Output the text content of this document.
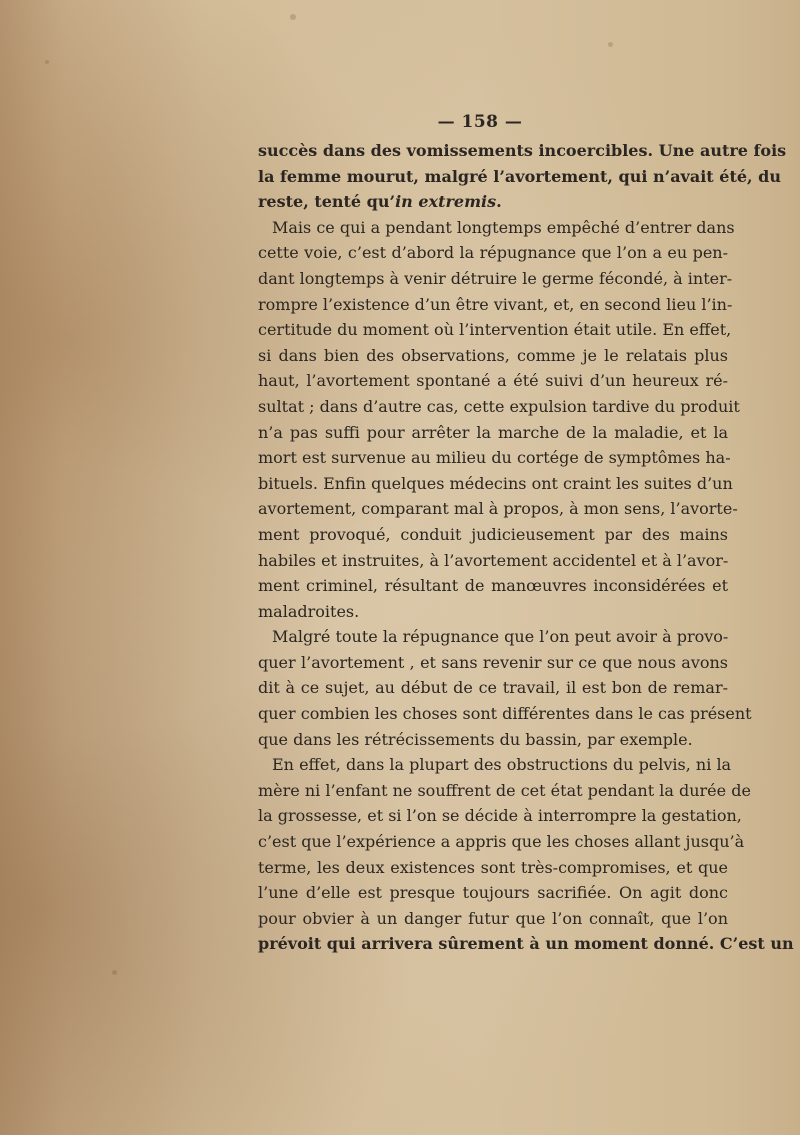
— 158 —
succès dans des vomissements incoercibles. Une autre fois
la femme mourut, malgré l’avortement, qui n’avait été, du
reste, tenté qu’in extremis.
Mais ce qui a pendant longtemps empêché d’entrer dans
cette voie, c’est d’abord la répugnance que l’on a eu pen-
dant longtemps à venir détruire le germe fécondé, à inter-
rompre l’existence d’un être vivant, et, en second lieu l’in-
certitude du moment où l’intervention était utile. En effet,
si dans bien des observations, comme je le relatais plus
haut, l’avortement spontané a été suivi d’un heureux ré-
sultat ; dans d’autre cas, cette expulsion tardive du produit
n’a pas suffi pour arrêter la marche de la maladie, et la
mort est survenue au milieu du cortége de symptômes ha-
bituels. Enfin quelques médecins ont craint les suites d’un
avortement, comparant mal à propos, à mon sens, l’avorte-
ment provoqué, conduit judicieusement par des mains
habiles et instruites, à l’avortement accidentel et à l’avor-
ment criminel, résultant de manœuvres inconsidérées et
maladroites.
Malgré toute la répugnance que l’on peut avoir à provo-
quer l’avortement , et sans revenir sur ce que nous avons
dit à ce sujet, au début de ce travail, il est bon de remar-
quer combien les choses sont différentes dans le cas présent
que dans les rétrécissements du bassin, par exemple.
En effet, dans la plupart des obstructions du pelvis, ni la
mère ni l’enfant ne souffrent de cet état pendant la durée de
la grossesse, et si l’on se décide à interrompre la gestation,
c’est que l’expérience a appris que les choses allant jusqu’à
terme, les deux existences sont très-compromises, et que
l’une d’elle est presque toujours sacrifiée. On agit donc
pour obvier à un danger futur que l’on connaît, que l’on
prévoit qui arrivera sûrement à un moment donné. C’est un
